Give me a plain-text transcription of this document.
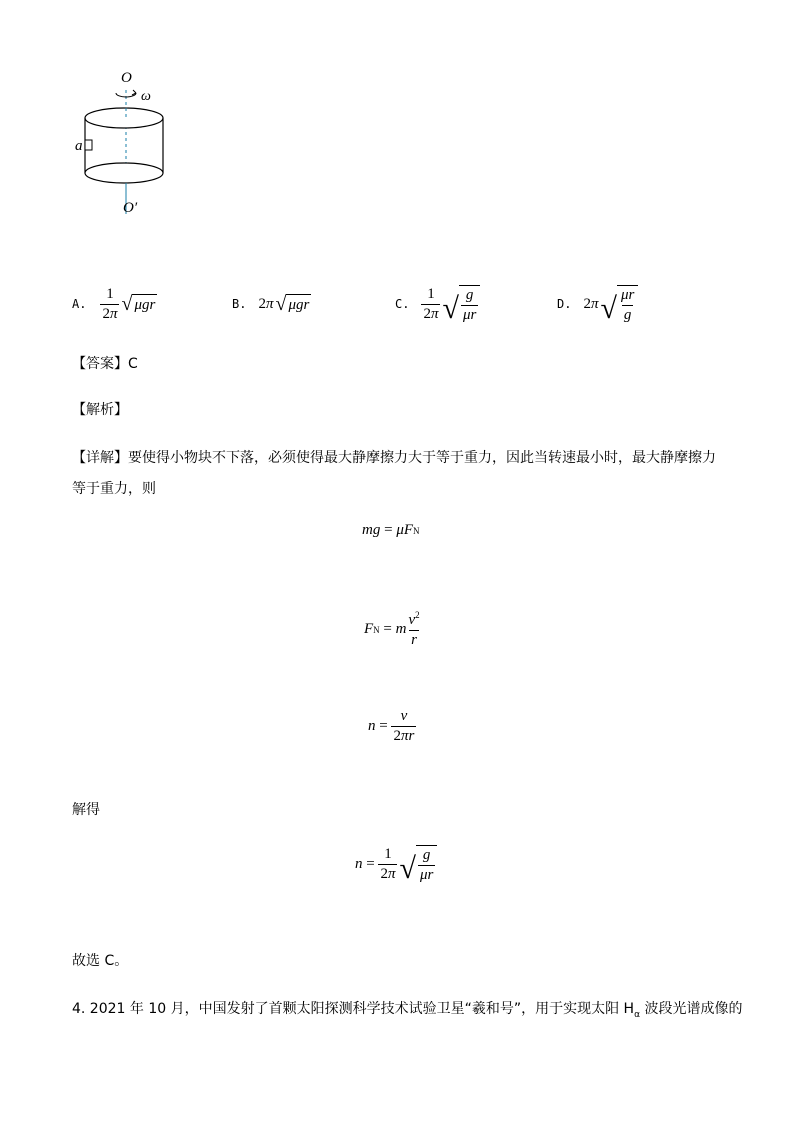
O
ω
a
O′
A. $\frac{1}{2\pi}$ √ μgr	B. 2π √ μgr	C. $\frac{1}{2\pi}$ √ $\frac{g}{\mu r}$	D. 2π √ $\frac{\mu r}{g}$
【答案】C
【解析】
【详解】要使得小物块不下落，必须使得最大静摩擦力大于等于重力，因此当转速最小时，最大静摩擦力
等于重力，则
mg = μF N
F N = m $\frac{v^2}{r}$
$n = \frac{v}{2\pi r}$
解得
$n = \frac{1}{2\pi}$ √ $\frac{g}{\mu r}$
故选 C。
4. 2021 年 10 月，中国发射了首颗太阳探测科学技术试验卫星“羲和号”，用于实现太阳 $H_\alpha$ 波段光谱成像的
